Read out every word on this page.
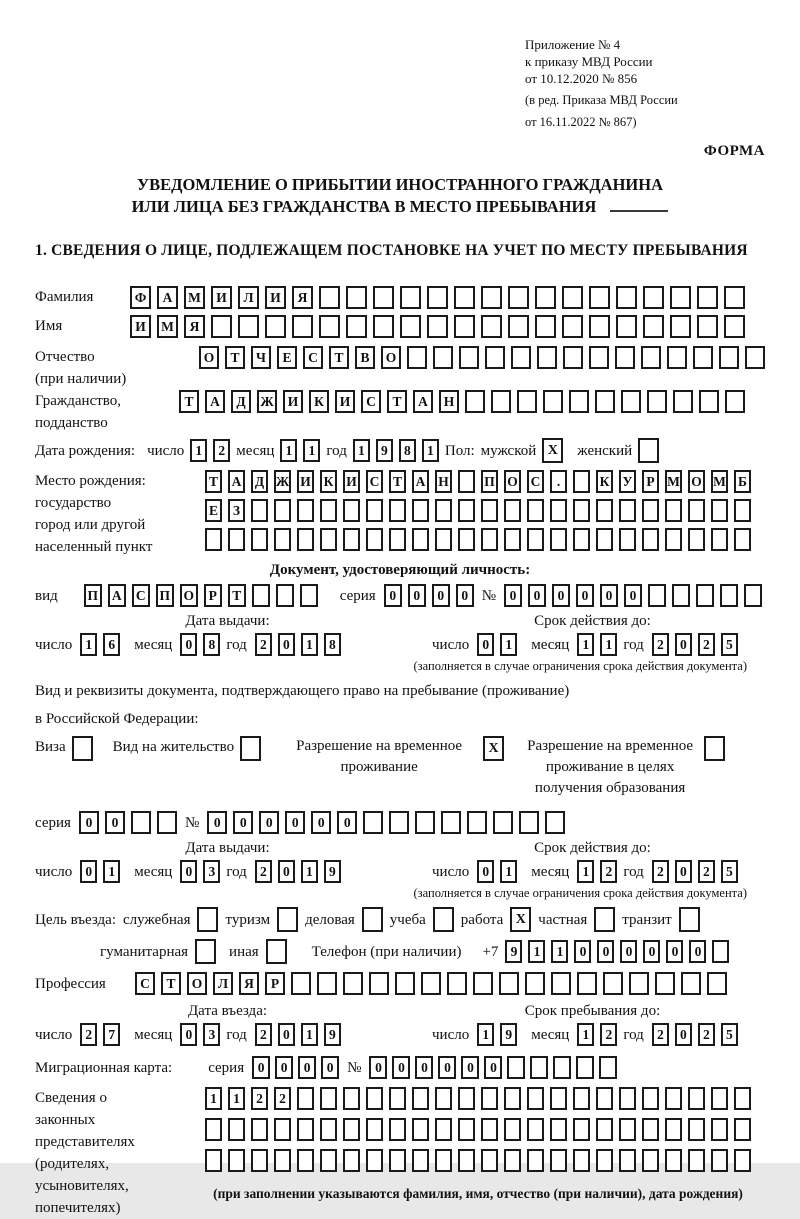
Приложение № 4
к приказу МВД России
от 10.12.2020 № 856
(в ред. Приказа МВД России
от 16.11.2022 № 867)
ФОРМА
УВЕДОМЛЕНИЕ О ПРИБЫТИИ ИНОСТРАННОГО ГРАЖДАНИНА
ИЛИ ЛИЦА БЕЗ ГРАЖДАНСТВА В МЕСТО ПРЕБЫВАНИЯ
1. СВЕДЕНИЯ О ЛИЦЕ, ПОДЛЕЖАЩЕМ ПОСТАНОВКЕ НА УЧЕТ ПО МЕСТУ ПРЕБЫВАНИЯ
Фамилия	Ф	А	М	И	Л	И	Я
Имя	И	М	Я
Отчество
(при наличии)
О	Т	Ч	Е	С	Т	В	О
Гражданство,
подданство
Т	А	Д	Ж	И	К	И	С	Т	А	Н
Дата рождения: число 1	2 месяц 1	1 год 1	9	8	1 Пол: мужской X	женский
Место рождения:
государство
город или другой
населенный пункт
Т А Д Ж И К И С Т А Н	П О С	.	К У	Р М О М Б
Е	З
Документ, удостоверяющий личность:
вид П	А	С	П О	Р	Т	серия	0	0	0	0 №	0	0	0	0	0	0
Дата выдачи:
число 1	6	месяц 0	8 год 2	0	1	8
Срок действия до:
число 0	1	месяц 1	1 год 2	0	2	5
(заполняется в случае ограничения срока действия документа)
Вид и реквизиты документа, подтверждающего право на пребывание (проживание)
в Российской Федерации:
Виза	Вид на жительство	Разрешение на временное проживание
X	Разрешение на временное проживание в целях получения образования
серия	0	0	№	0	0	0	0	0	0
Дата выдачи:
число 0	1	месяц 0	3 год 2	0	1	9
Срок действия до:
число 0	1	месяц 1	2 год 2	0	2	5
(заполняется в случае ограничения срока действия документа)
Цель въезда: служебная туризм деловая учеба работа X частная транзит
гуманитарная	иная	Телефон (при наличии) +7 9	1	1	0	0	0	0	0	0
Профессия	С	Т	О	Л	Я	Р
Дата въезда:
число 2	7	месяц 0	3 год 2	0	1	9
Срок пребывания до:
число 1	9	месяц 1	2 год 2	0	2	5
Миграционная карта: серия	0	0	0	0 №	0	0	0	0	0	0
Сведения о
законных
представителях
(родителях,
усыновителях,
попечителях)
1	1	2	2
(при заполнении указываются фамилия, имя, отчество (при наличии), дата рождения)
